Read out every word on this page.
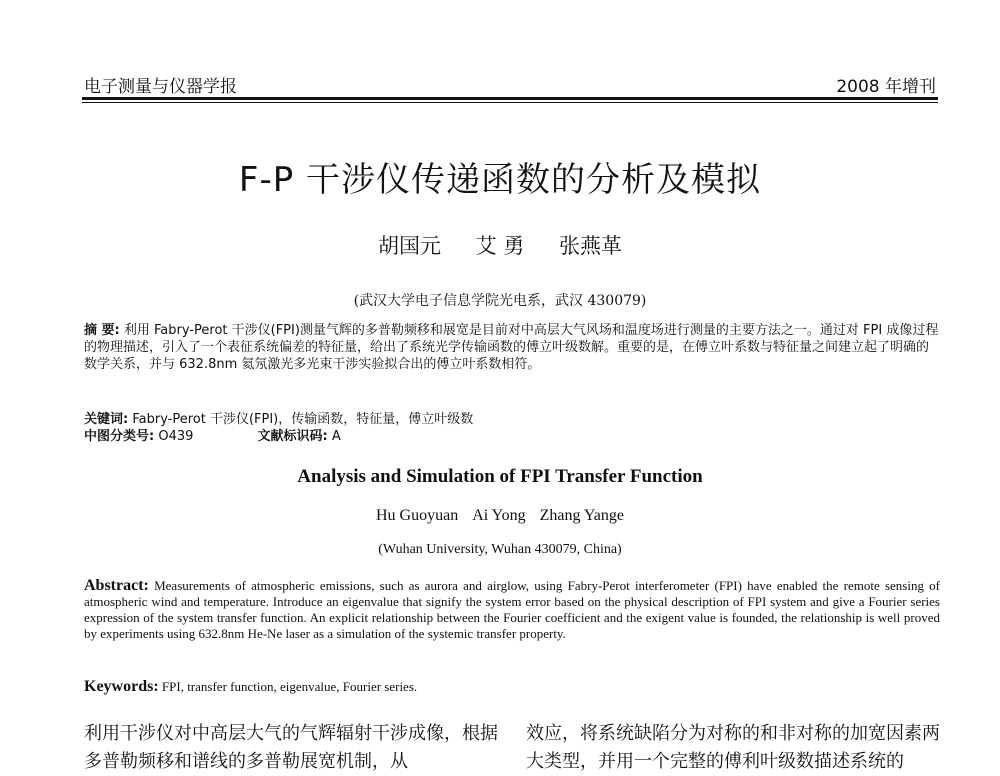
电子测量与仪器学报	2008 年增刊
F-P 干涉仪传递函数的分析及模拟
胡国元 艾 勇 张燕革
(武汉大学电子信息学院光电系，武汉 430079)
摘 要: 利用 Fabry-Perot 干涉仪(FPI)测量气辉的多普勒频移和展宽是目前对中高层大气风场和温度场进行测量的主要方法之一。通过对 FPI 成像过程的物理描述，引入了一个表征系统偏差的特征量，给出了系统光学传输函数的傅立叶级数解。重要的是，在傅立叶系数与特征量之间建立起了明确的数学关系，并与 632.8nm 氦氖激光多光束干涉实验拟合出的傅立叶系数相符。
关键词: Fabry-Perot 干涉仪(FPI)，传输函数，特征量，傅立叶级数
中图分类号: O439	文献标识码: A
Analysis and Simulation of FPI Transfer Function
Hu Guoyuan Ai Yong Zhang Yange
(Wuhan University, Wuhan 430079, China)
Abstract: Measurements of atmospheric emissions, such as aurora and airglow, using Fabry-Perot interferometer (FPI) have enabled the remote sensing of atmospheric wind and temperature. Introduce an eigenvalue that signify the system error based on the physical description of FPI system and give a Fourier series expression of the system transfer function. An explicit relationship between the Fourier coefficient and the exigent value is founded, the relationship is well proved by experiments using 632.8nm He-Ne laser as a simulation of the systemic transfer property.
Keywords: FPI, transfer function, eigenvalue, Fourier series.
利用干涉仪对中高层大气的气辉辐射干涉成像，根据多普勒频移和谱线的多普勒展宽机制，从
效应，将系统缺陷分为对称的和非对称的加宽因素两大类型，并用一个完整的傅利叶级数描述系统的
